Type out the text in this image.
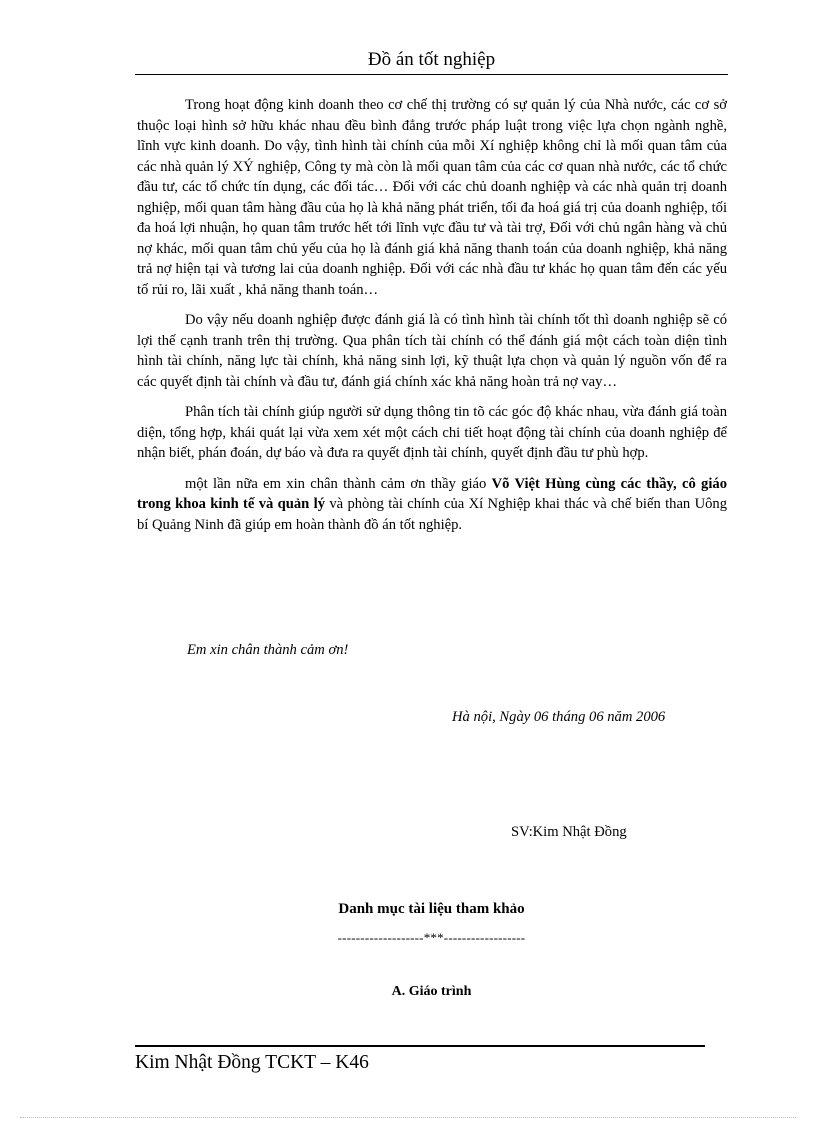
Đồ án tốt nghiệp

Trong hoạt động kinh doanh theo cơ chế thị trường có sự quản lý của Nhà nước, các cơ sở thuộc loại hình sở hữu khác nhau đều bình đẳng trước pháp luật trong việc lựa chọn ngành nghề, lĩnh vực kinh doanh. Do vậy, tình hình tài chính của mỗi Xí nghiệp không chỉ là mối quan tâm của các nhà quản lý XÝ nghiệp, Công ty mà còn là mối quan tâm của các cơ quan nhà nước, các tổ chức đầu tư, các tổ chức tín dụng, các đối tác… Đối với các chủ doanh nghiệp và các nhà quản trị doanh nghiệp, mối quan tâm hàng đầu của họ là khả năng phát triển, tối đa hoá giá trị của doanh nghiệp, tối đa hoá lợi nhuận, họ quan tâm trước hết tới lĩnh vực đầu tư và tài trợ, Đối với chủ ngân hàng và chủ nợ khác, mối quan tâm chủ yếu của họ là đánh giá khả năng thanh toán của doanh nghiệp, khả năng trả nợ hiện tại và tương lai của doanh nghiệp. Đối với các nhà đầu tư khác họ quan tâm đến các yếu tố rủi ro, lãi xuất , khả năng thanh toán…

Do vậy nếu doanh nghiệp được đánh giá là có tình hình tài chính tốt thì doanh nghiệp sẽ có lợi thế cạnh tranh trên thị trường. Qua phân tích tài chính có thể đánh giá một cách toàn diện tình hình tài chính, năng lực tài chính, khả năng sinh lợi, kỹ thuật lựa chọn và quản lý nguồn vốn để ra các quyết định tài chính và đầu tư, đánh giá chính xác khả năng hoàn trả nợ vay…

Phân tích tài chính giúp người sử dụng thông tin tõ các góc độ khác nhau, vừa đánh giá toàn diện, tổng hợp, khái quát lại vừa xem xét một cách chi tiết hoạt động tài chính của doanh nghiệp để nhận biết, phán đoán, dự báo và đưa ra quyết định tài chính, quyết định đầu tư phù hợp.

một lần nữa em xin chân thành cảm ơn thầy giáo Võ Việt Hùng cùng các thầy, cô giáo trong khoa kinh tế và quản lý và phòng tài chính của Xí Nghiệp khai thác và chế biến than Uông bí Quảng Ninh đã giúp em hoàn thành đồ án tốt nghiệp.

Em xin chân thành cảm ơn!
Hà nội, Ngày 06 tháng 06 năm 2006
SV:Kim Nhật Đồng
Danh mục tài liệu tham khảo
-------------------***------------------
A. Giáo trình
Kim Nhật Đồng TCKT – K46
